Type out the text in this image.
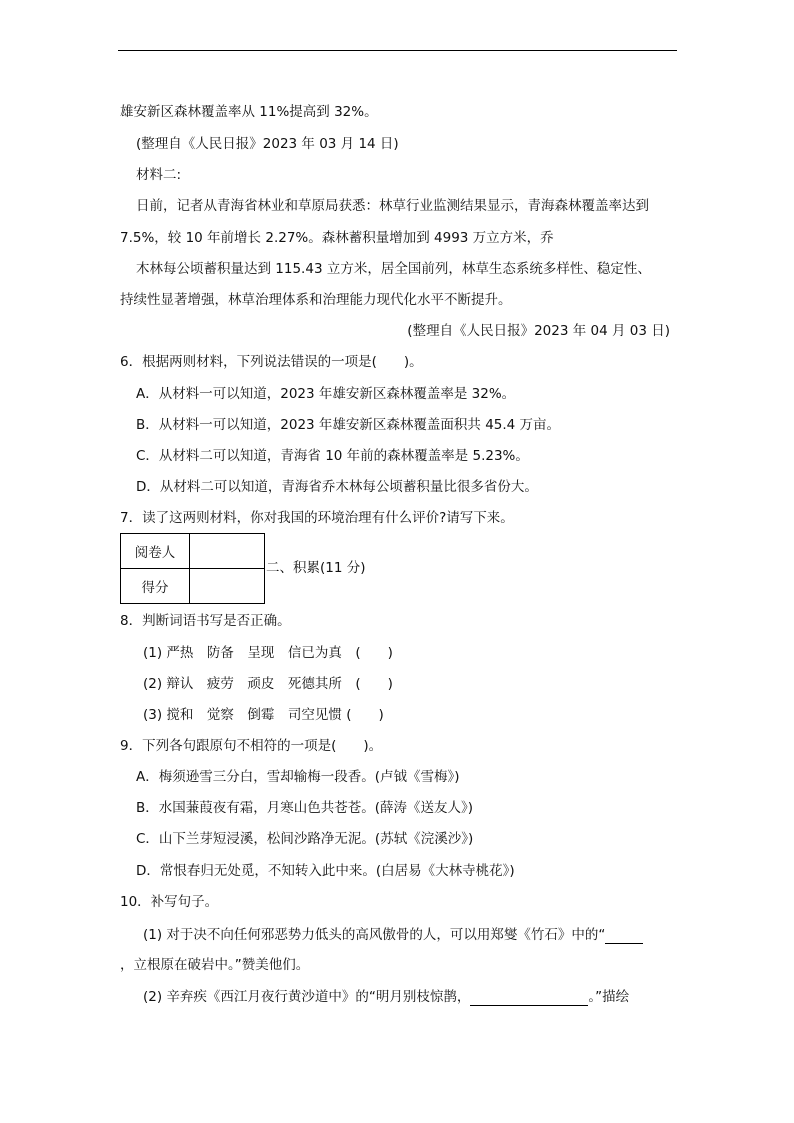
雄安新区森林覆盖率从 11%提高到 32%。
(整理自《人民日报》2023 年 03 月 14 日)
材料二:
日前，记者从青海省林业和草原局获悉：林草行业监测结果显示，青海森林覆盖率达到
7.5%，较 10 年前增长 2.27%。森林蓄积量增加到 4993 万立方米，乔
木林每公顷蓄积量达到 115.43 立方米，居全国前列，林草生态系统多样性、稳定性、
持续性显著增强，林草治理体系和治理能力现代化水平不断提升。
(整理自《人民日报》2023 年 04 月 03 日)
6．根据两则材料，下列说法错误的一项是(　　)。
A．从材料一可以知道，2023 年雄安新区森林覆盖率是 32%。
B．从材料一可以知道，2023 年雄安新区森林覆盖面积共 45.4 万亩。
C．从材料二可以知道，青海省 10 年前的森林覆盖率是 5.23%。
D．从材料二可以知道，青海省乔木林每公顷蓄积量比很多省份大。
7．读了这两则材料，你对我国的环境治理有什么评价?请写下来。
阅卷人	
得分	
二、积累(11 分)
8．判断词语书写是否正确。
(1) 严热　防备　呈现　信已为真　(　　)
(2) 辩认　疲劳　顽皮　死德其所　(　　)
(3) 搅和　觉察　倒霉　司空见惯 (　　)
9．下列各句跟原句不相符的一项是(　　)。
A．梅须逊雪三分白，雪却输梅一段香。(卢钺《雪梅》)
B．水国蒹葭夜有霜，月寒山色共苍苍。(薛涛《送友人》)
C．山下兰芽短浸溪，松间沙路净无泥。(苏轼《浣溪沙》)
D．常恨春归无处觅，不知转入此中来。(白居易《大林寺桃花》)
10．补写句子。
(1) 对于决不向任何邪恶势力低头的高风傲骨的人，可以用郑燮《竹石》中的“
，立根原在破岩中。”赞美他们。
(2) 辛弃疾《西江月夜行黄沙道中》的“明月别枝惊鹊，	。”描绘
